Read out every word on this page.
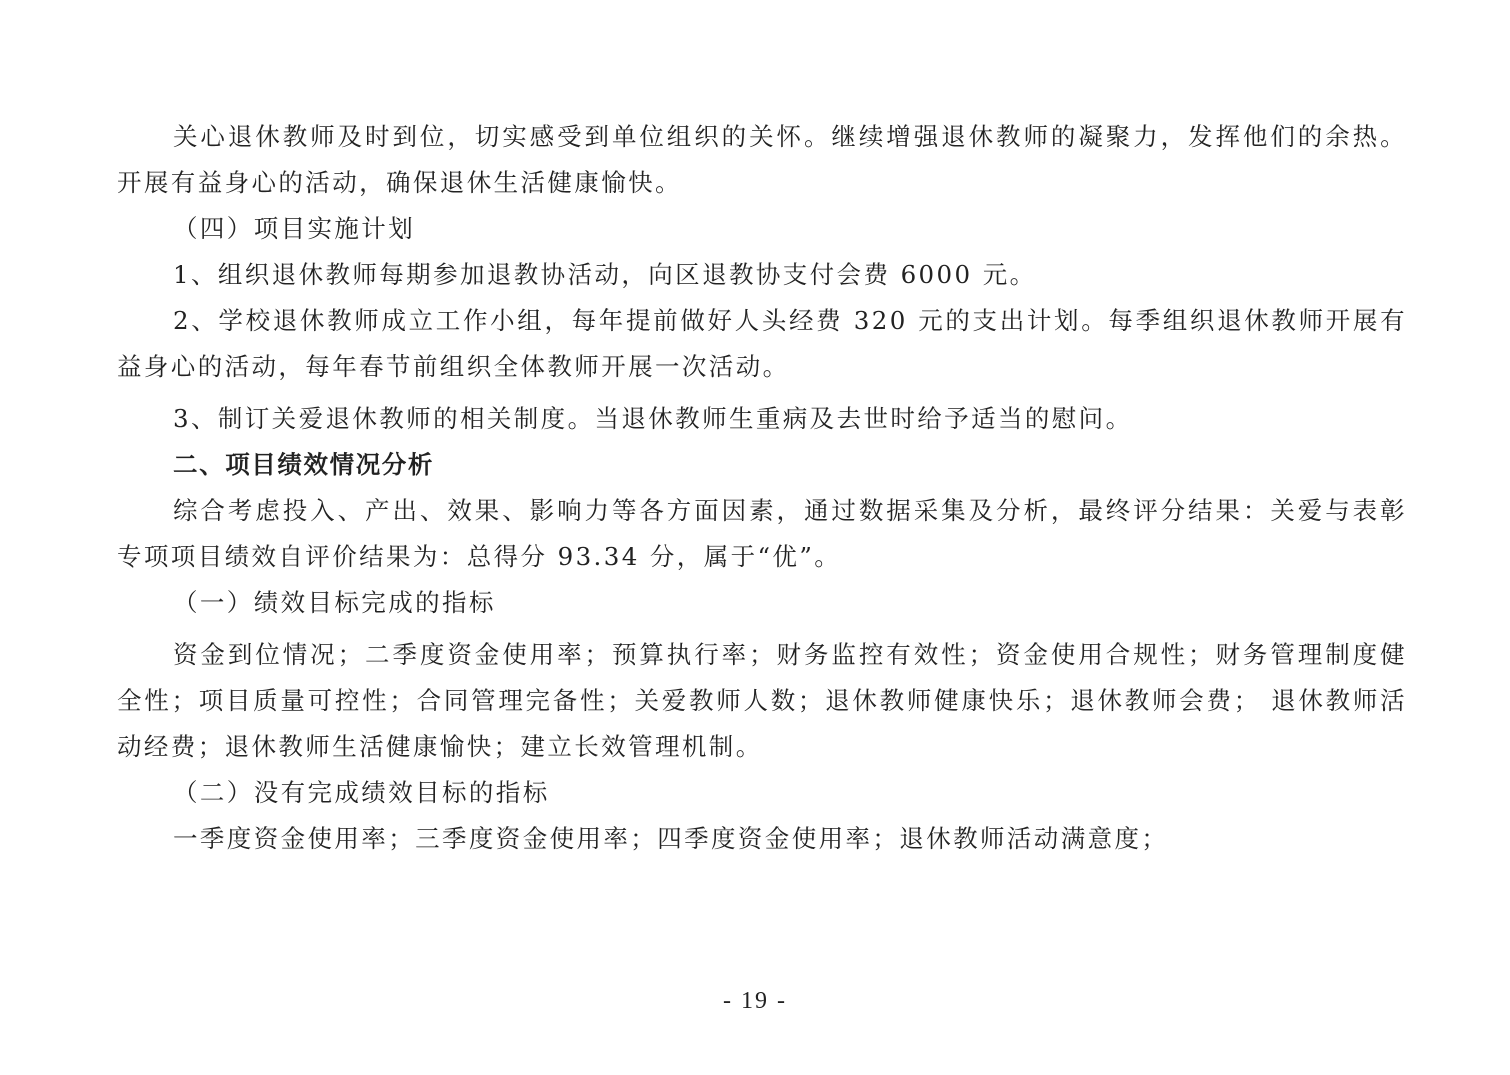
关心退休教师及时到位，切实感受到单位组织的关怀。继续增强退休教师的凝聚力，发挥他们的余热。开展有益身心的活动，确保退休生活健康愉快。

（四）项目实施计划

1、组织退休教师每期参加退教协活动，向区退教协支付会费 6000 元。

2、学校退休教师成立工作小组，每年提前做好人头经费 320 元的支出计划。每季组织退休教师开展有益身心的活动，每年春节前组织全体教师开展一次活动。

3、制订关爱退休教师的相关制度。当退休教师生重病及去世时给予适当的慰问。

二、项目绩效情况分析

综合考虑投入、产出、效果、影响力等各方面因素，通过数据采集及分析，最终评分结果：关爱与表彰专项项目绩效自评价结果为：总得分 93.34 分，属于“优”。

（一）绩效目标完成的指标

资金到位情况；二季度资金使用率；预算执行率；财务监控有效性；资金使用合规性；财务管理制度健全性；项目质量可控性；合同管理完备性；关爱教师人数；退休教师健康快乐；退休教师会费； 退休教师活动经费；退休教师生活健康愉快；建立长效管理机制。

（二）没有完成绩效目标的指标

一季度资金使用率；三季度资金使用率；四季度资金使用率；退休教师活动满意度；

- 19 -
